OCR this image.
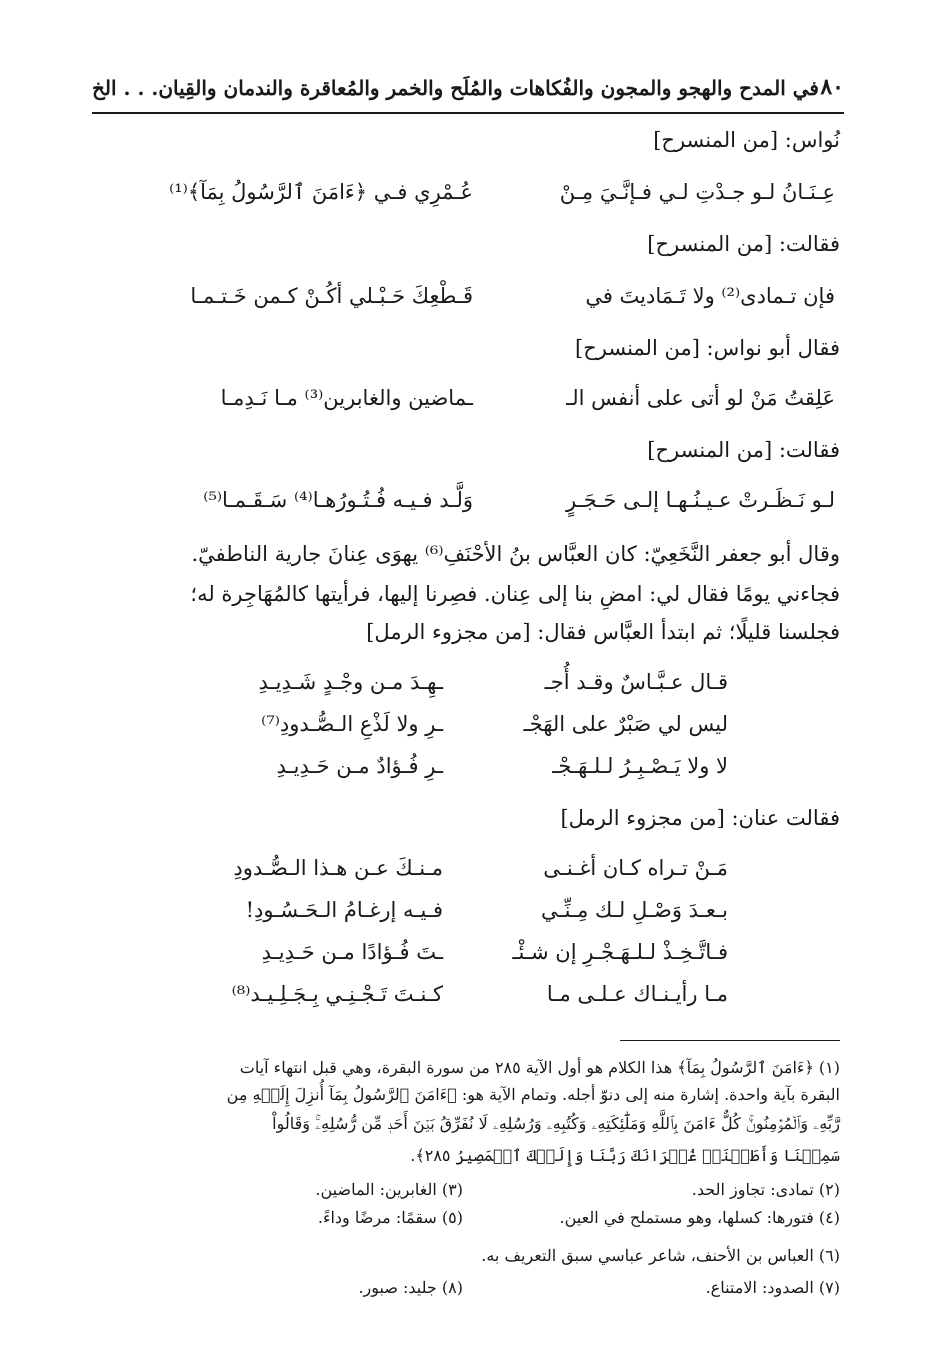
٨٠
في المدح والهجو والمجون والفُكاهات والمُلَح والخمر والمُعاقرة والندمان والقِيان. . . الخ
نُواس: [من المنسرح]
عِـنَـانُ لـو جـدْتِ لـي فـإنَّـيَ مِـنْ
عُـمْرِي فـي ﴿ءَامَنَ ٱلرَّسُولُ بِمَآ﴾⁽¹⁾
فقالت: [من المنسرح]
فإن تـمادى⁽²⁾ ولا تَـمَاديتَ في
قَـطْعِكَ حَـبْـلي أكُـنْ كـمن خَـتـمـا
فقال أبو نواس: [من المنسرح]
عَلِقتُ مَنْ لو أتى على أنفس الـ
ـماضين والغابرين⁽³⁾ مـا نَـدِمـا
فقالت: [من المنسرح]
لـو نَـظَـرتْ عـيـنُـهـا إلـى حَـجَـرٍ
وَلَّـد فـيـه فُـتُـورُهـا⁽⁴⁾ سَـقَـمـا⁽⁵⁾
وقال أبو جعفر النَّخَعِيّ: كان العبَّاس بنُ الأحْنَفِ⁽⁶⁾ يهوَى عِنانَ جارية الناطفيّ.
فجاءني يومًا فقال لي: امضِ بنا إلى عِنان. فصِرنا إليها، فرأيتها كالمُهَاجِرة له؛
فجلسنا قليلًا؛ ثم ابتدأ العبَّاس فقال: [من مجزوء الرمل]
قـال عـبَّـاسٌ وقـد أُجـ
ـهِـدَ مـن وجْـدٍ شَـدِيـدِ
ليس لي صَبْرٌ على الهَجْـ
ـرِ ولا لَذْعِ الـصُّـدودِ⁽⁷⁾
لا ولا يَـصْـبِـرُ لـلـهَـجْـ
ـرِ فُـؤادٌ مـن حَـدِيـدِ
فقالت عنان: [من مجزوء الرمل]
مَـنْ تـراه كـان أغـنـى
مـنـكَ عـن هـذا الـصُّـدودِ
بـعـدَ وَصْـلِ لـك مِـنِّـي
فـيـه إرغـامُ الـحَـسُـودِ!
فـاتَّـخِـذْ لـلـهَـجْـرِ إن شـئْـ
ـتَ فُـؤادًا مـن حَـدِيـدِ
مـا رأيـنـاك عـلـى مـا
كـنـتَ تَـجْـنِـي بِـجَـلِـيـد⁽⁸⁾
(١) ﴿ءَامَنَ ٱلرَّسُولُ بِمَآ﴾ هذا الكلام هو أول الآية ٢٨٥ من سورة البقرة، وهي قبل انتهاء آيات
البقرة بآية واحدة. إشارة منه إلى دنوّ أجله. وتمام الآية هو: ﴿ءَامَنَ ٱلرَّسُولُ بِمَآ أُنزِلَ إِلَيۡهِ مِن
رَّبِّهِۦ وَٱلۡمُؤۡمِنُونَۚ كُلٌّ ءَامَنَ بِٱللَّهِ وَمَلَٰٓئِكَتِهِۦ وَكُتُبِهِۦ وَرُسُلِهِۦ لَا نُفَرِّقُ بَيۡنَ أَحَدٖ مِّن رُّسُلِهِۦۚ وَقَالُواْ
سَمِعۡنَا وَأَطَعۡنَاۖ غُفۡرَانَكَ رَبَّنَا وَإِلَيۡكَ ٱلۡمَصِيرُ ٢٨٥﴾.
(٢) تمادى: تجاوز الحد.
(٣) الغابرين: الماضين.
(٤) فتورها: كسلها، وهو مستملح في العين.
(٥) سقمًا: مرضًا وداءً.
(٦) العباس بن الأحنف، شاعر عباسي سبق التعريف به.
(٧) الصدود: الامتناع.
(٨) جليد: صبور.
